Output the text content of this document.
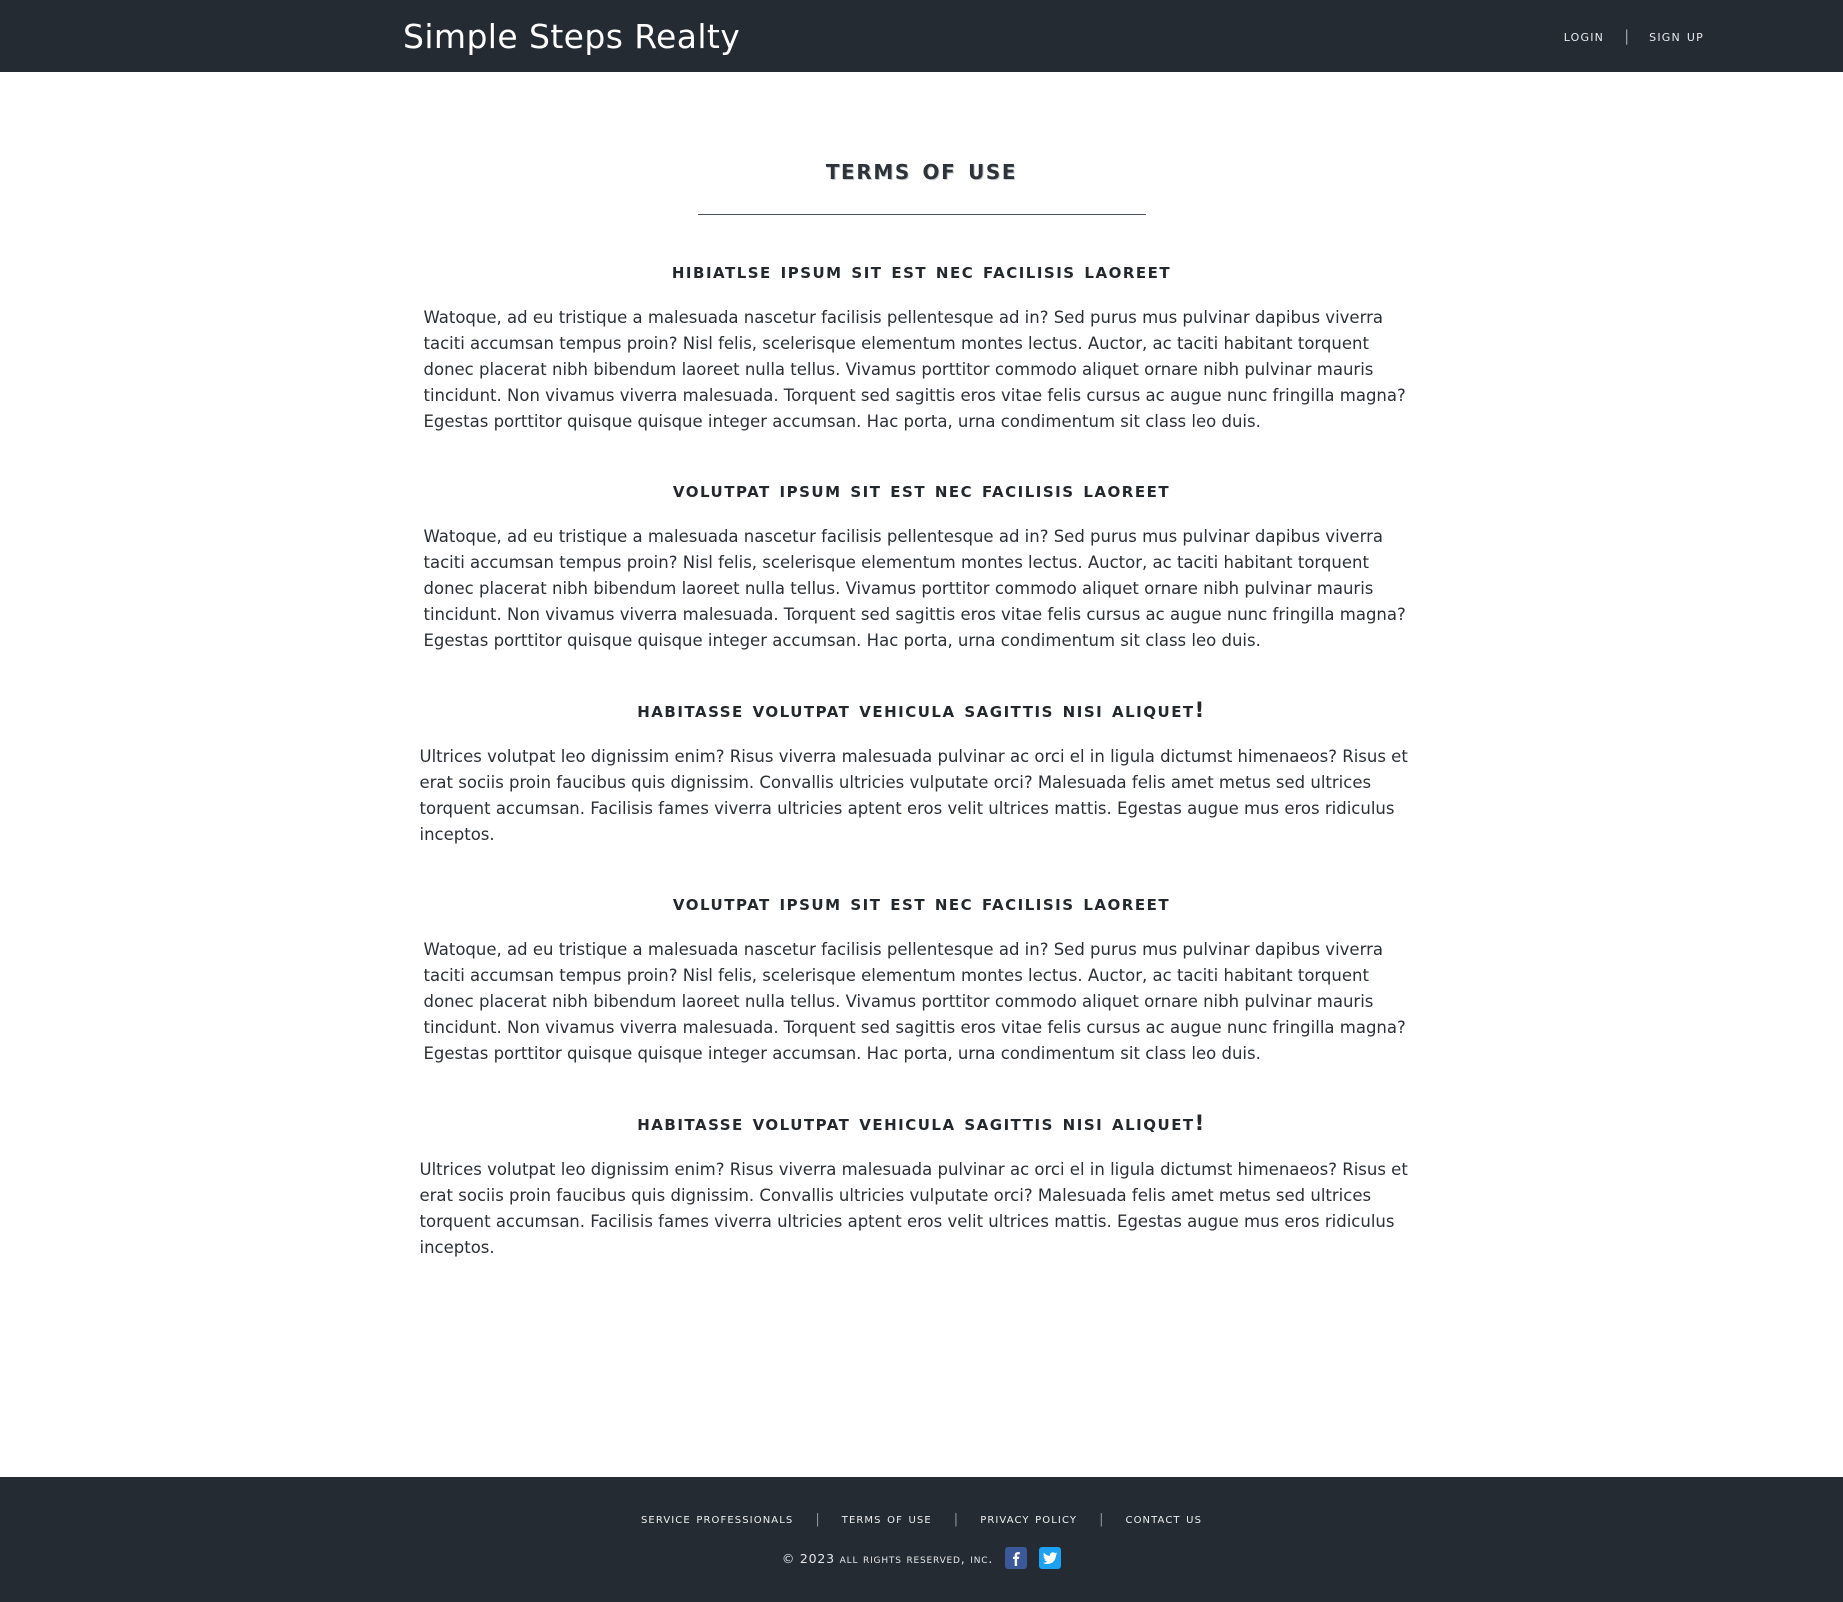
Simple Steps Realty	login	|	sign up
terms of use
hibiatlse ipsum sit est nec facilisis laoreet

Watoque, ad eu tristique a malesuada nascetur facilisis pellentesque ad in? Sed purus mus pulvinar dapibus viverra taciti accumsan tempus proin? Nisl felis, scelerisque elementum montes lectus. Auctor, ac taciti habitant torquent donec placerat nibh bibendum laoreet nulla tellus. Vivamus porttitor commodo aliquet ornare nibh pulvinar mauris tincidunt. Non vivamus viverra malesuada. Torquent sed sagittis eros vitae felis cursus ac augue nunc fringilla magna? Egestas porttitor quisque quisque integer accumsan. Hac porta, urna condimentum sit class leo duis.

volutpat ipsum sit est nec facilisis laoreet

Watoque, ad eu tristique a malesuada nascetur facilisis pellentesque ad in? Sed purus mus pulvinar dapibus viverra taciti accumsan tempus proin? Nisl felis, scelerisque elementum montes lectus. Auctor, ac taciti habitant torquent donec placerat nibh bibendum laoreet nulla tellus. Vivamus porttitor commodo aliquet ornare nibh pulvinar mauris tincidunt. Non vivamus viverra malesuada. Torquent sed sagittis eros vitae felis cursus ac augue nunc fringilla magna? Egestas porttitor quisque quisque integer accumsan. Hac porta, urna condimentum sit class leo duis.

habitasse volutpat vehicula sagittis nisi aliquet!

Ultrices volutpat leo dignissim enim? Risus viverra malesuada pulvinar ac orci el in ligula dictumst himenaeos? Risus et erat sociis proin faucibus quis dignissim. Convallis ultricies vulputate orci? Malesuada felis amet metus sed ultrices torquent accumsan. Facilisis fames viverra ultricies aptent eros velit ultrices mattis. Egestas augue mus eros ridiculus inceptos.

volutpat ipsum sit est nec facilisis laoreet

Watoque, ad eu tristique a malesuada nascetur facilisis pellentesque ad in? Sed purus mus pulvinar dapibus viverra taciti accumsan tempus proin? Nisl felis, scelerisque elementum montes lectus. Auctor, ac taciti habitant torquent donec placerat nibh bibendum laoreet nulla tellus. Vivamus porttitor commodo aliquet ornare nibh pulvinar mauris tincidunt. Non vivamus viverra malesuada. Torquent sed sagittis eros vitae felis cursus ac augue nunc fringilla magna? Egestas porttitor quisque quisque integer accumsan. Hac porta, urna condimentum sit class leo duis.

habitasse volutpat vehicula sagittis nisi aliquet!

Ultrices volutpat leo dignissim enim? Risus viverra malesuada pulvinar ac orci el in ligula dictumst himenaeos? Risus et erat sociis proin faucibus quis dignissim. Convallis ultricies vulputate orci? Malesuada felis amet metus sed ultrices torquent accumsan. Facilisis fames viverra ultricies aptent eros velit ultrices mattis. Egestas augue mus eros ridiculus inceptos.

service professionals	|	terms of use	|	privacy policy	|	contact us
© 2023 all rights reserved, inc.
